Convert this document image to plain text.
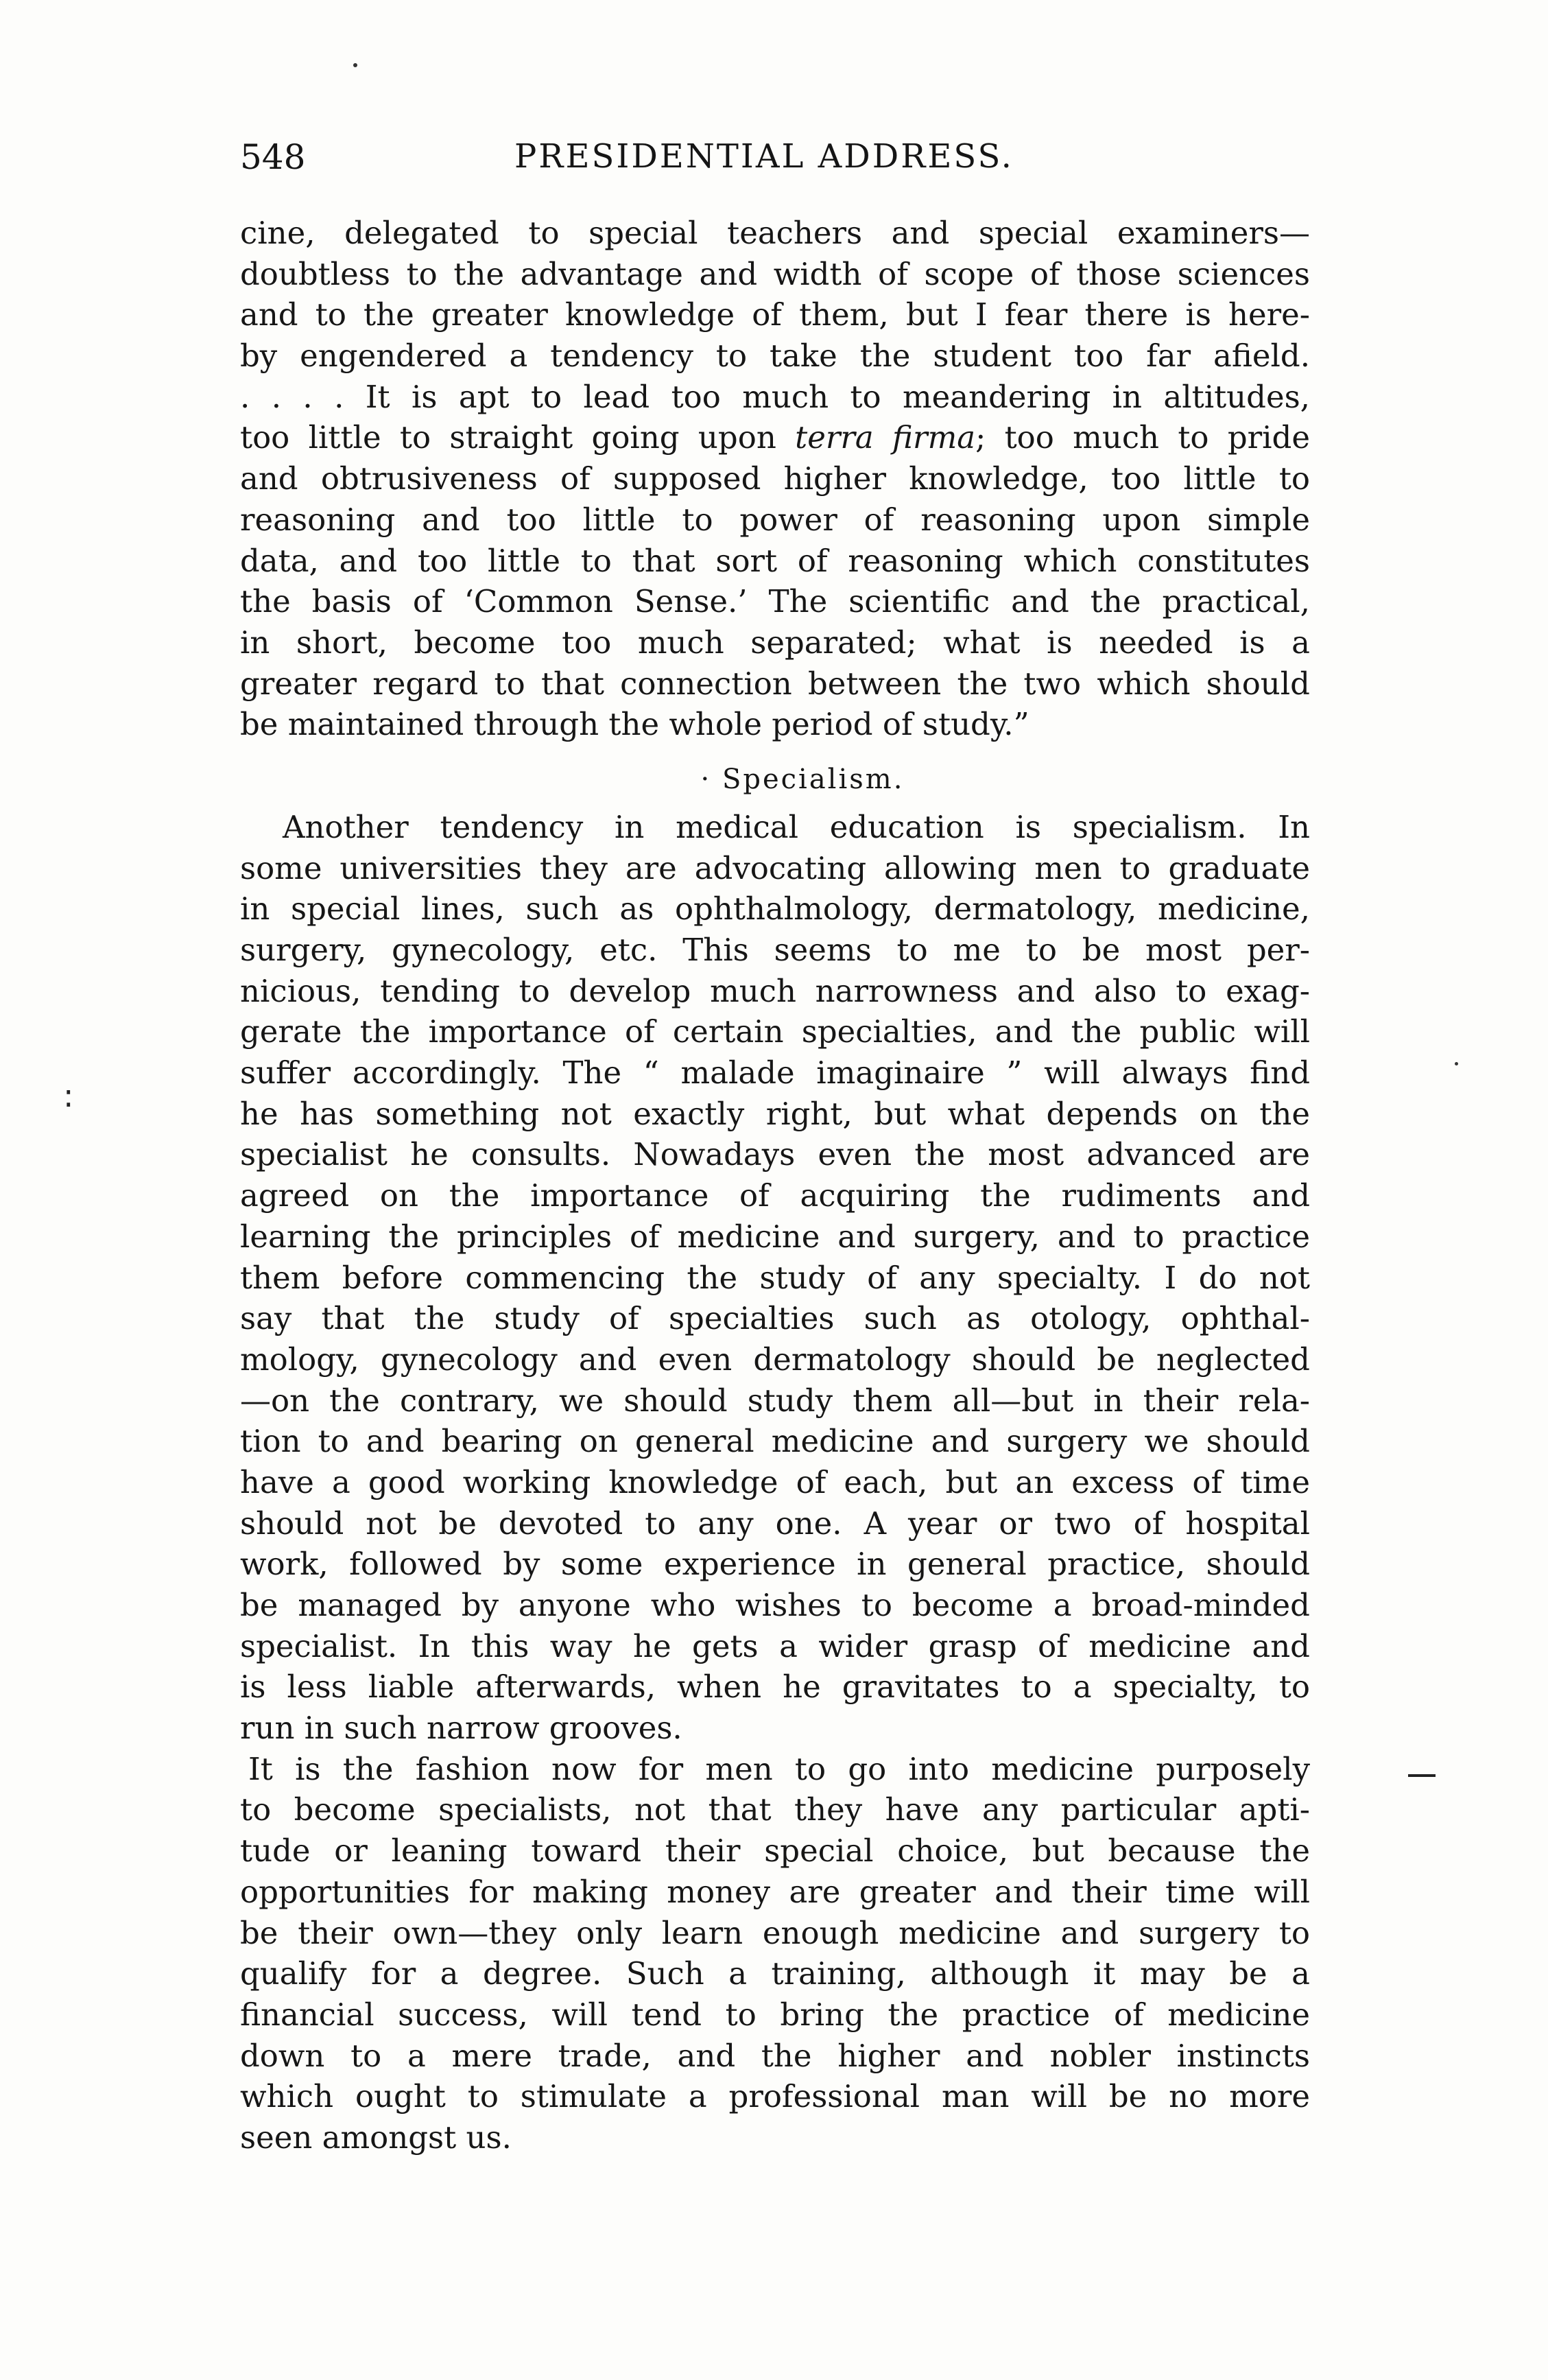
:
548	PRESIDENTIAL ADDRESS.
cine, delegated to special teachers and special examiners—
doubtless to the advantage and width of scope of those sciences
and to the greater knowledge of them, but I fear there is here-
by engendered a tendency to take the student too far afield.
. . . . It is apt to lead too much to meandering in altitudes,
too little to straight going upon terra firma; too much to pride
and obtrusiveness of supposed higher knowledge, too little to
reasoning and too little to power of reasoning upon simple
data, and too little to that sort of reasoning which constitutes
the basis of ‘Common Sense.’ The scientific and the practical,
in short, become too much separated; what is needed is a
greater regard to that connection between the two which should
be maintained through the whole period of study.”
· Specialism.
Another tendency in medical education is specialism. In
some universities they are advocating allowing men to graduate
in special lines, such as ophthalmology, dermatology, medicine,
surgery, gynecology, etc. This seems to me to be most per-
nicious, tending to develop much narrowness and also to exag-
gerate the importance of certain specialties, and the public will
suffer accordingly. The “ malade imaginaire ” will always find
he has something not exactly right, but what depends on the
specialist he consults. Nowadays even the most advanced are
agreed on the importance of acquiring the rudiments and
learning the principles of medicine and surgery, and to practice
them before commencing the study of any specialty. I do not
say that the study of specialties such as otology, ophthal-
mology, gynecology and even dermatology should be neglected
—on the contrary, we should study them all—but in their rela-
tion to and bearing on general medicine and surgery we should
have a good working knowledge of each, but an excess of time
should not be devoted to any one. A year or two of hospital
work, followed by some experience in general practice, should
be managed by anyone who wishes to become a broad-minded
specialist. In this way he gets a wider grasp of medicine and
is less liable afterwards, when he gravitates to a specialty, to
run in such narrow grooves.
It is the fashion now for men to go into medicine purposely
to become specialists, not that they have any particular apti-
tude or leaning toward their special choice, but because the
opportunities for making money are greater and their time will
be their own—they only learn enough medicine and surgery to
qualify for a degree. Such a training, although it may be a
financial success, will tend to bring the practice of medicine
down to a mere trade, and the higher and nobler instincts
which ought to stimulate a professional man will be no more
seen amongst us.
